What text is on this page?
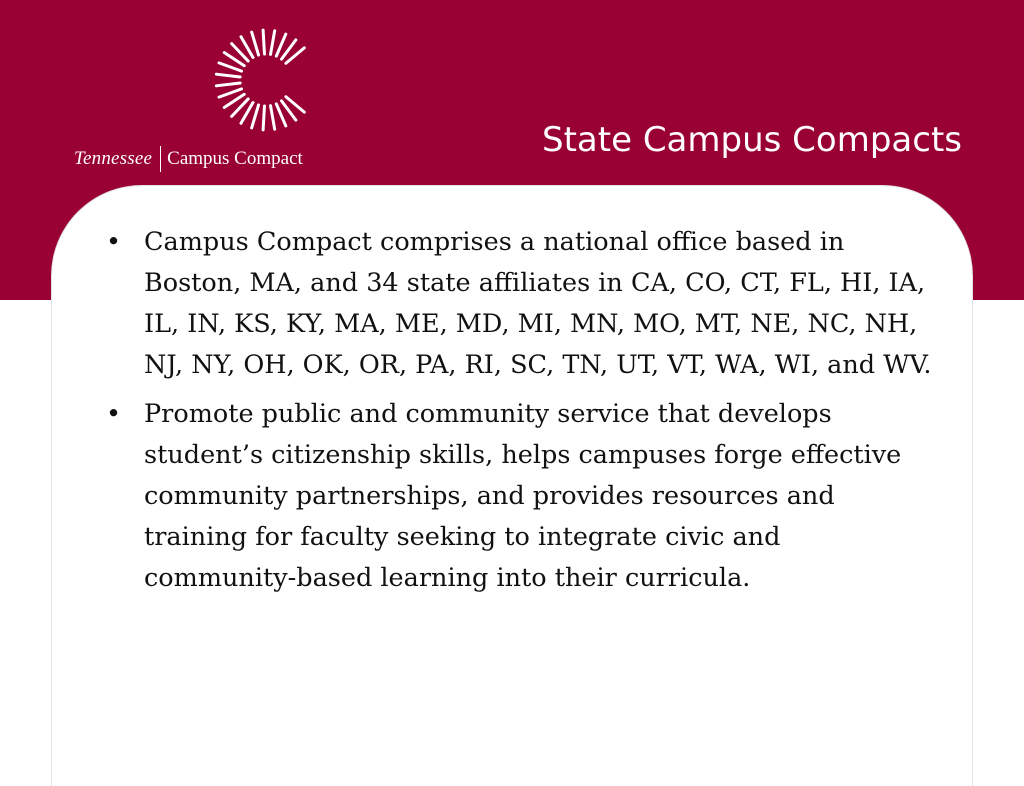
Tennessee Campus Compact	State Campus Compacts
• Campus Compact comprises a national office based in Boston, MA, and 34 state affiliates in CA, CO, CT, FL, HI, IA, IL, IN, KS, KY, MA, ME, MD, MI, MN, MO, MT, NE, NC, NH, NJ, NY, OH, OK, OR, PA, RI, SC, TN, UT, VT, WA, WI, and WV.
• Promote public and community service that develops student’s citizenship skills, helps campuses forge effective community partnerships, and provides resources and training for faculty seeking to integrate civic and community-based learning into their curricula.
